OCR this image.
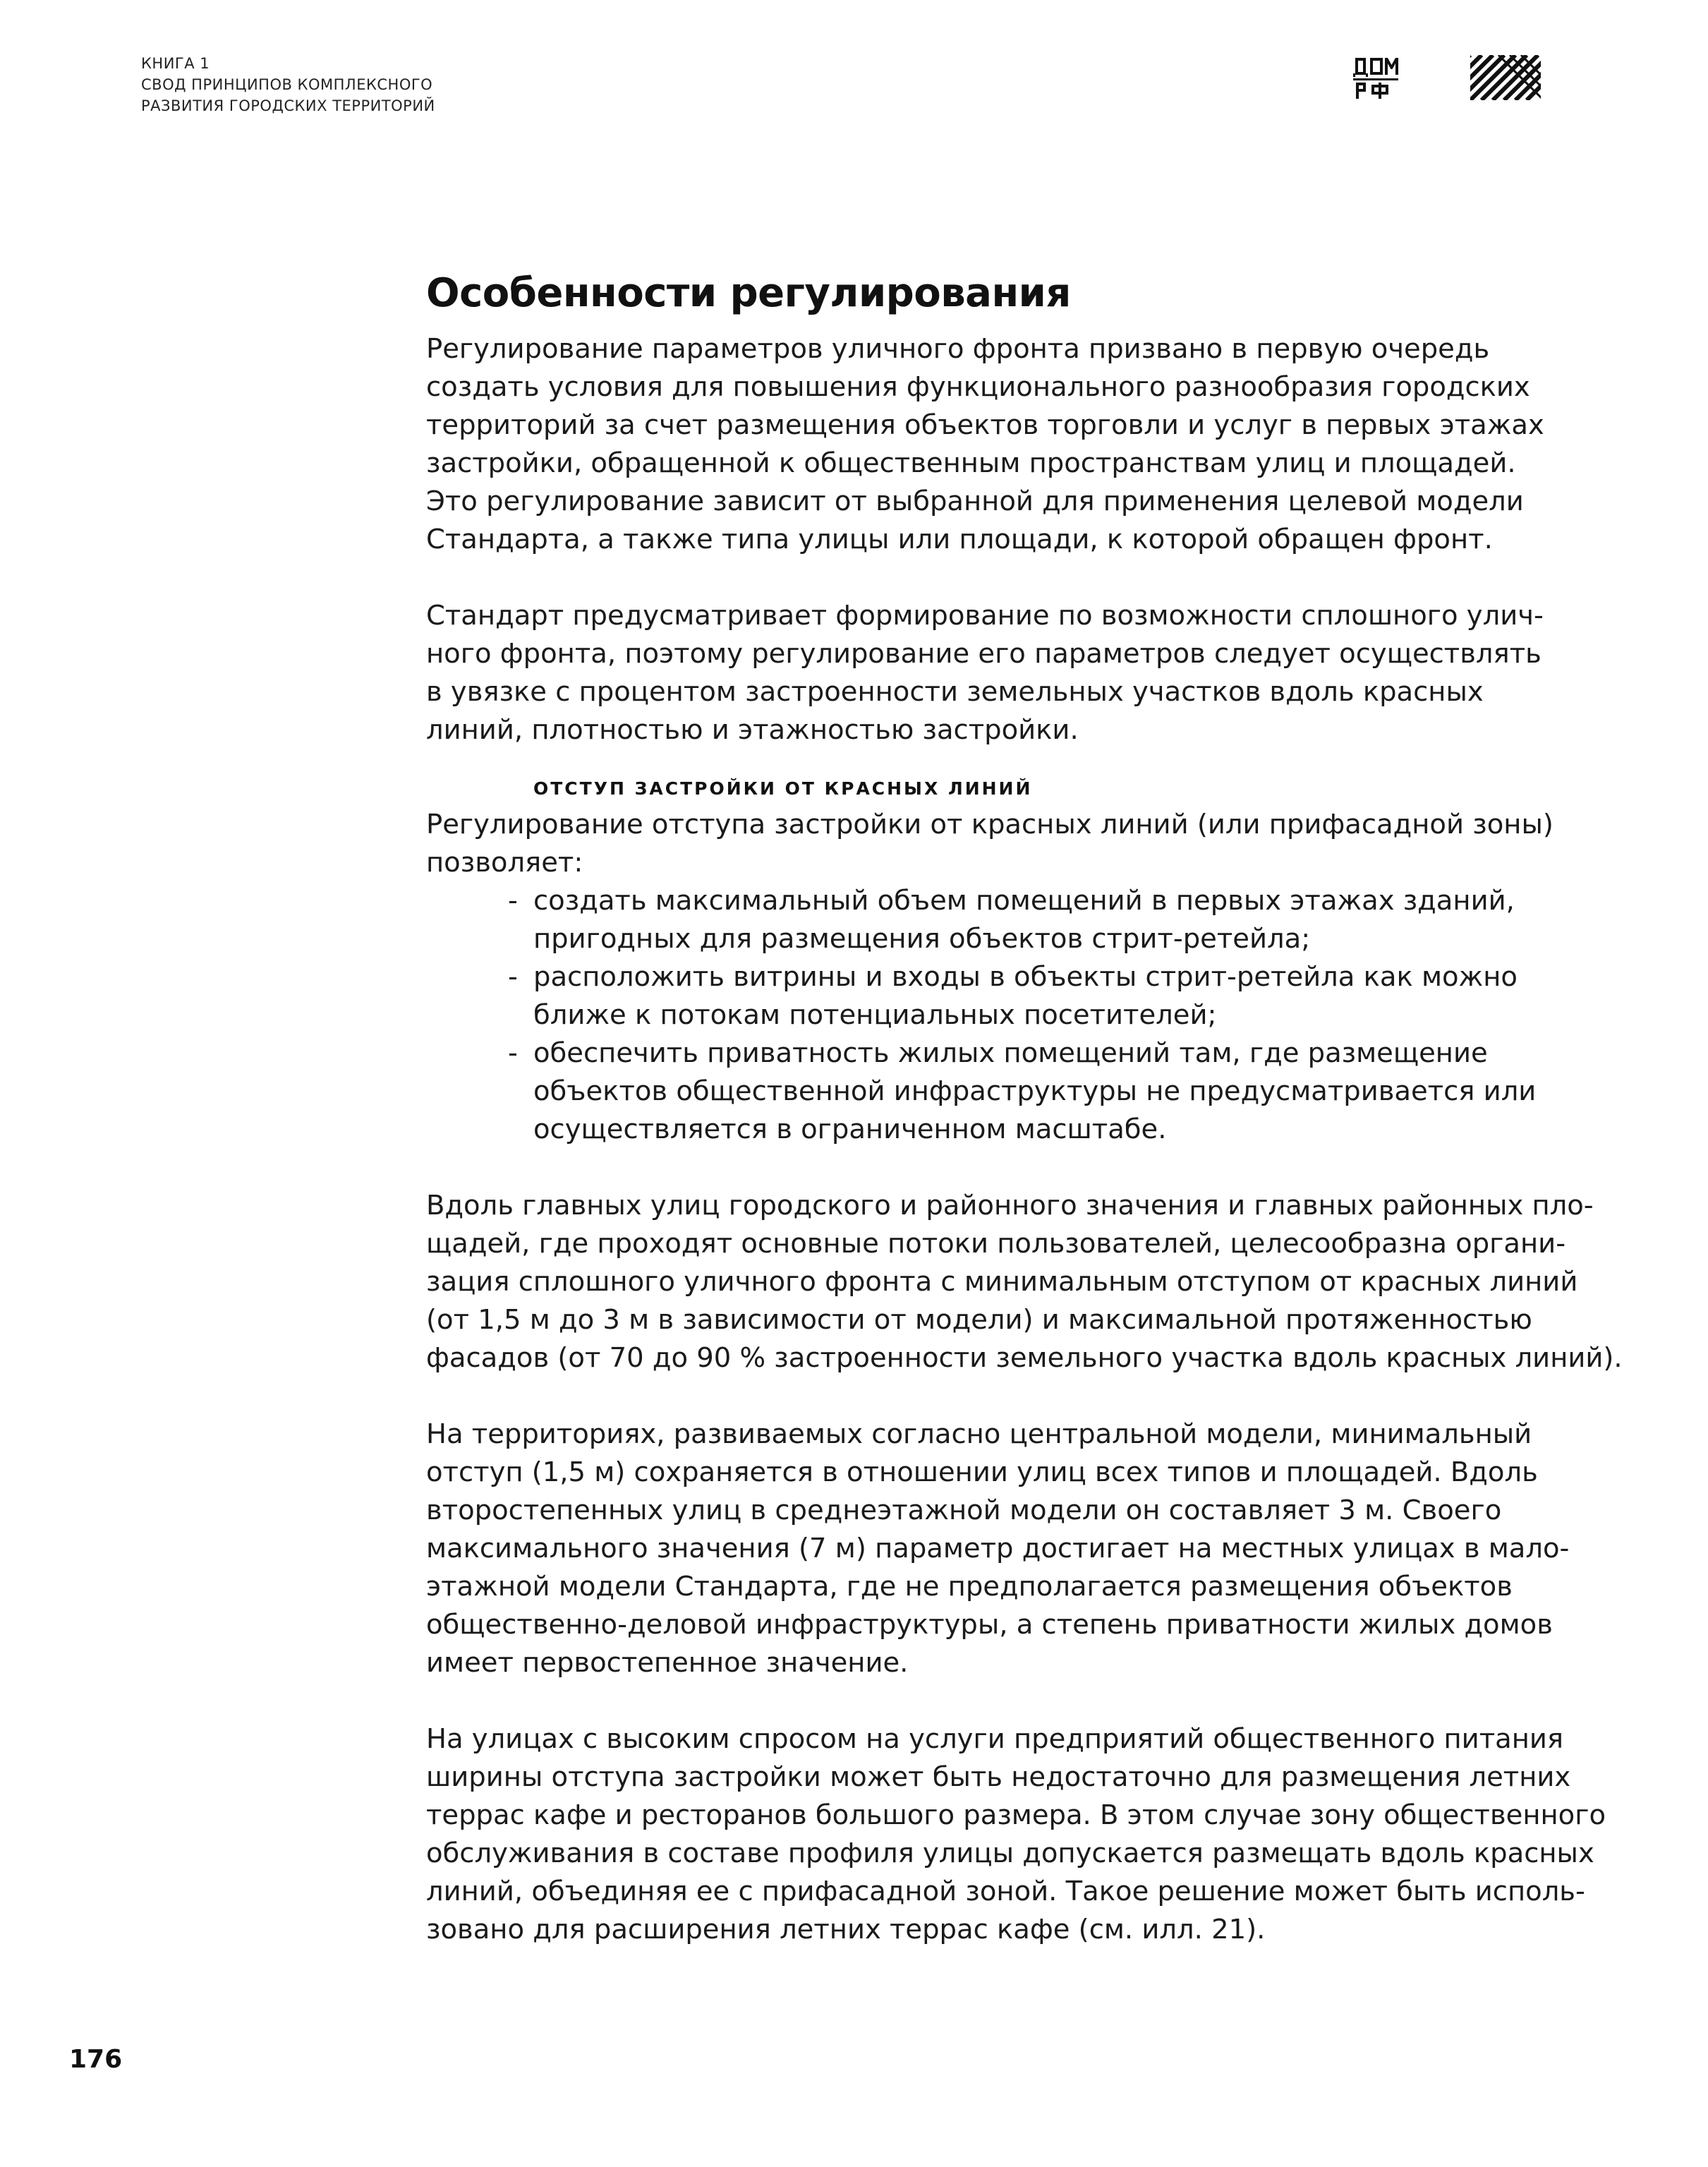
КНИГА 1
СВОД ПРИНЦИПОВ КОМПЛЕКСНОГО
РАЗВИТИЯ ГОРОДСКИХ ТЕРРИТОРИЙ
Особенности регулирования

Регулирование параметров уличного фронта призвано в первую очередь
создать условия для повышения функционального разнообразия городских
территорий за счет размещения объектов торговли и услуг в первых этажах
застройки, обращенной к общественным пространствам улиц и площадей.
Это регулирование зависит от выбранной для применения целевой модели
Стандарта, а также типа улицы или площади, к которой обращен фронт.

Стандарт предусматривает формирование по возможности сплошного улич-
ного фронта, поэтому регулирование его параметров следует осуществлять
в увязке с процентом застроенности земельных участков вдоль красных
линий, плотностью и этажностью застройки.

ОТСТУП ЗАСТРОЙКИ ОТ КРАСНЫХ ЛИНИЙ

Регулирование отступа застройки от красных линий (или прифасадной зоны)
позволяет:

- создать максимальный объем помещений в первых этажах зданий,
пригодных для размещения объектов стрит-ретейла;
- расположить витрины и входы в объекты стрит-ретейла как можно
ближе к потокам потенциальных посетителей;
- обеспечить приватность жилых помещений там, где размещение
объектов общественной инфраструктуры не предусматривается или
осуществляется в ограниченном масштабе.

Вдоль главных улиц городского и районного значения и главных районных пло-
щадей, где проходят основные потоки пользователей, целесообразна органи-
зация сплошного уличного фронта с минимальным отступом от красных линий
(от 1,5 м до 3 м в зависимости от модели) и максимальной протяженностью
фасадов (от 70 до 90 % застроенности земельного участка вдоль красных линий).

На территориях, развиваемых согласно центральной модели, минимальный
отступ (1,5 м) сохраняется в отношении улиц всех типов и площадей. Вдоль
второстепенных улиц в среднеэтажной модели он составляет 3 м. Своего
максимального значения (7 м) параметр достигает на местных улицах в мало-
этажной модели Стандарта, где не предполагается размещения объектов
общественно-деловой инфраструктуры, а степень приватности жилых домов
имеет первостепенное значение.

На улицах с высоким спросом на услуги предприятий общественного питания
ширины отступа застройки может быть недостаточно для размещения летних
террас кафе и ресторанов большого размера. В этом случае зону общественного
обслуживания в составе профиля улицы допускается размещать вдоль красных
линий, объединяя ее с прифасадной зоной. Такое решение может быть исполь-
зовано для расширения летних террас кафе (см. илл. 21).

176
